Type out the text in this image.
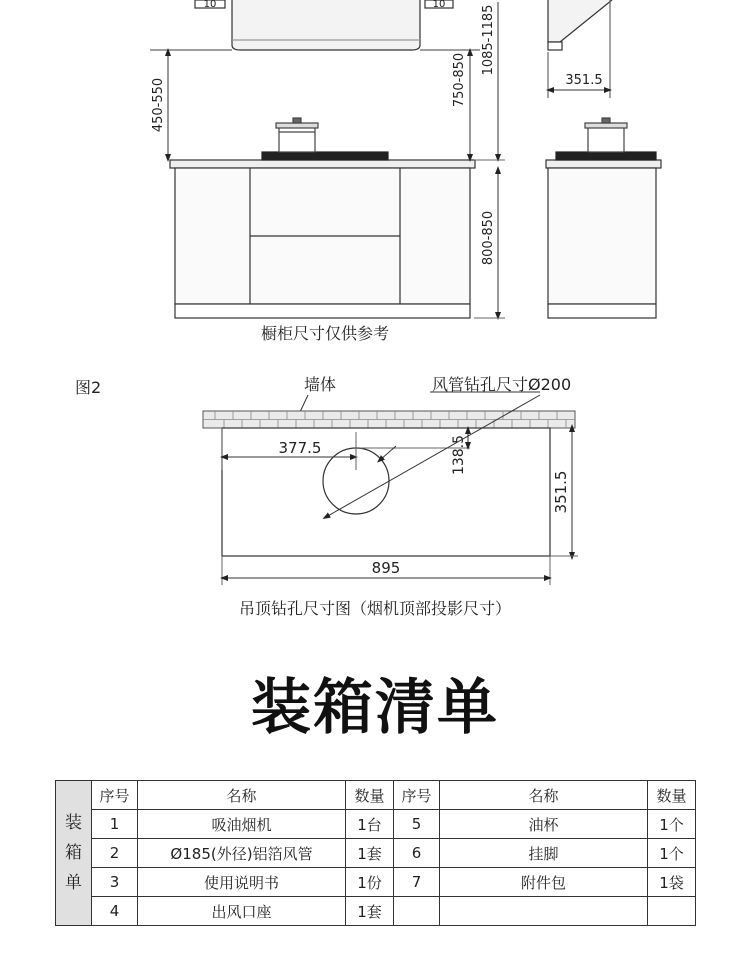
450-550	750-850
1085-1185
800-850
10	10
351.5
橱柜尺寸仅供参考
图2	墙体	风管钻孔尺寸Ø200
377.5	138.5
351.5
895
吊顶钻孔尺寸图（烟机顶部投影尺寸）
装箱清单
装
箱
单	序号	名称	数量	序号	名称	数量
	1	吸油烟机	1台	5	油杯	1个
	2	Ø185(外径)铝箔风管	1套	6	挂脚	1个
	3	使用说明书	1份	7	附件包	1袋
	4	出风口座	1套			
